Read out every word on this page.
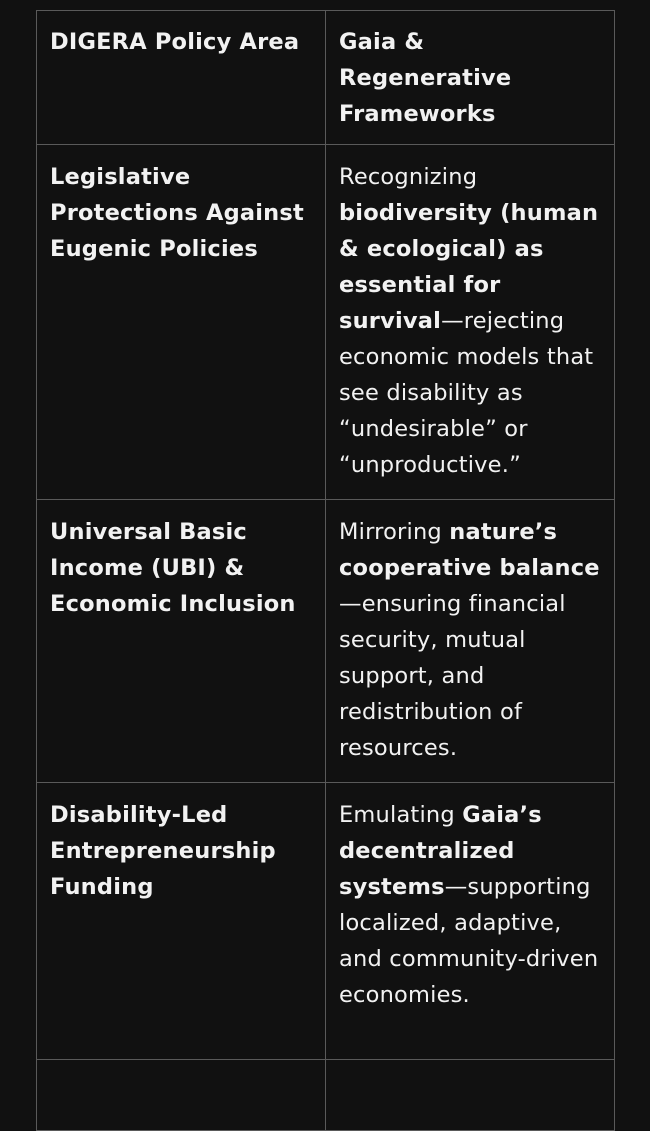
DIGERA Policy Area	Gaia & Regenerative Frameworks
Legislative Protections Against Eugenic Policies	Recognizing biodiversity (human & ecological) as essential for survival—rejecting economic models that see disability as “undesirable” or “unproductive.”
Universal Basic Income (UBI) & Economic Inclusion	Mirroring nature’s cooperative balance—ensuring financial security, mutual support, and redistribution of resources.
Disability-Led Entrepreneurship Funding	Emulating Gaia’s decentralized systems—supporting localized, adaptive, and community-driven economies.
